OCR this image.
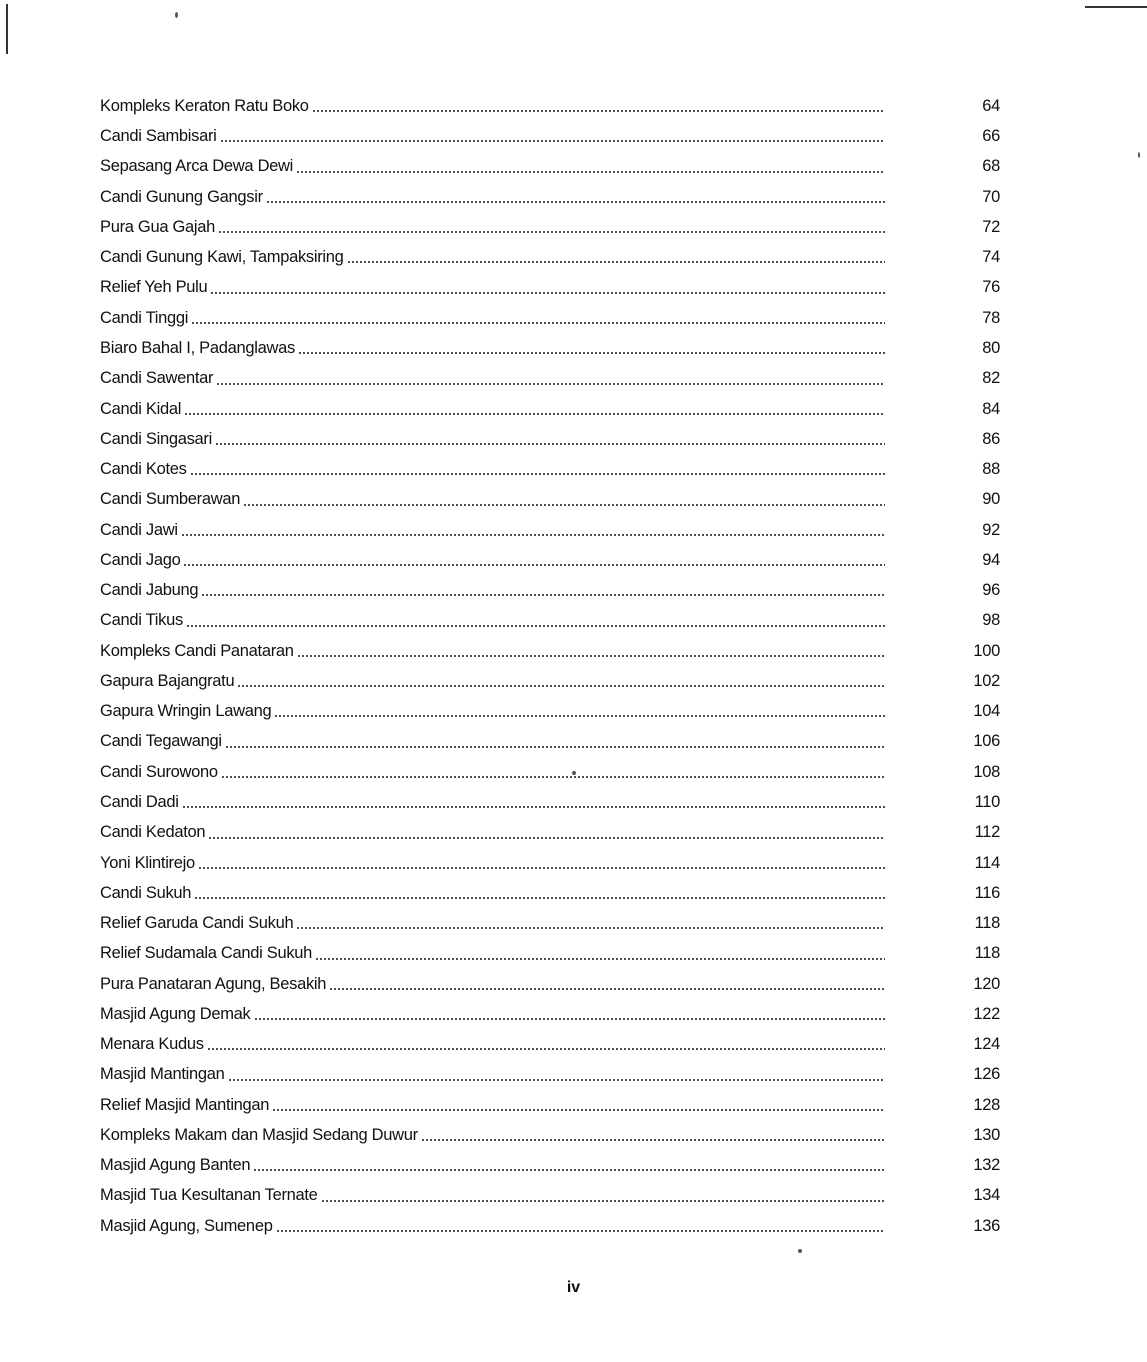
Kompleks Keraton Ratu Boko	64
Candi Sambisari	66
Sepasang Arca Dewa Dewi	68
Candi Gunung Gangsir	70
Pura Gua Gajah	72
Candi Gunung Kawi, Tampaksiring	74
Relief Yeh Pulu	76
Candi Tinggi	78
Biaro Bahal I, Padanglawas	80
Candi Sawentar	82
Candi Kidal	84
Candi Singasari	86
Candi Kotes	88
Candi Sumberawan	90
Candi Jawi	92
Candi Jago	94
Candi Jabung	96
Candi Tikus	98
Kompleks Candi Panataran	100
Gapura Bajangratu	102
Gapura Wringin Lawang	104
Candi Tegawangi	106
Candi Surowono	108
Candi Dadi	110
Candi Kedaton	112
Yoni Klintirejo	114
Candi Sukuh	116
Relief Garuda Candi Sukuh	118
Relief Sudamala Candi Sukuh	118
Pura Panataran Agung, Besakih	120
Masjid Agung Demak	122
Menara Kudus	124
Masjid Mantingan	126
Relief Masjid Mantingan	128
Kompleks Makam dan Masjid Sedang Duwur	130
Masjid Agung Banten	132
Masjid Tua Kesultanan Ternate	134
Masjid Agung, Sumenep	136
iv
